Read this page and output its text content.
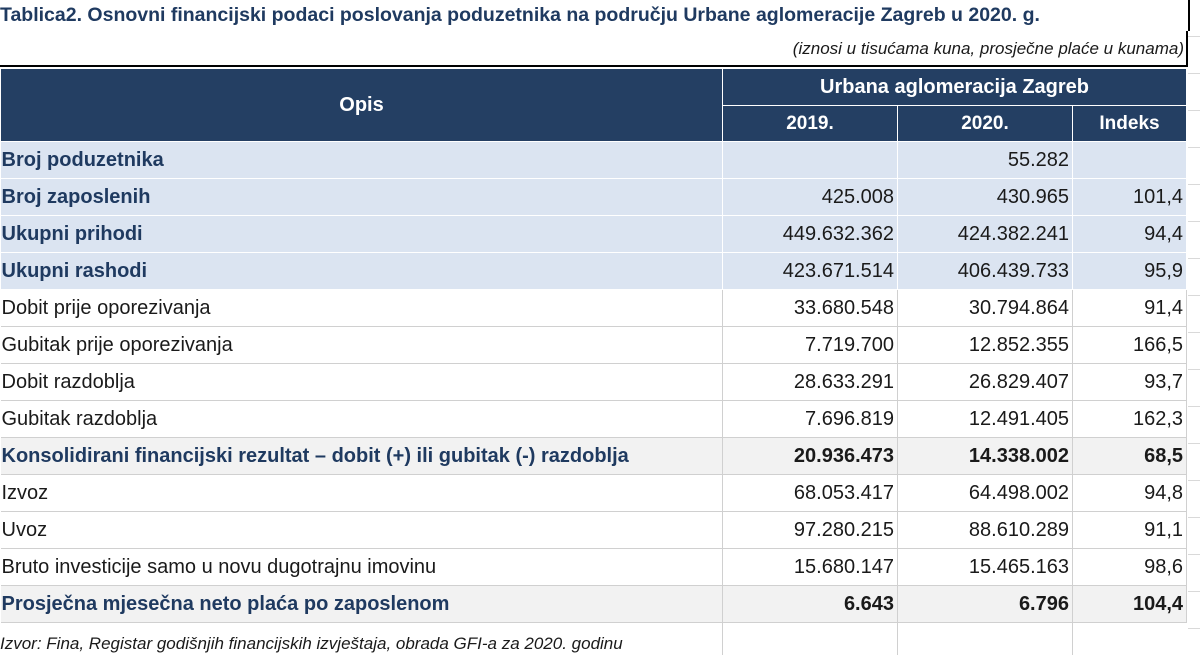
Tablica2. Osnovni financijski podaci poslovanja poduzetnika na području Urbane aglomeracije Zagreb u 2020. g.
(iznosi u tisućama kuna, prosječne plaće u kunama)
Opis	Urbana aglomeracija Zagreb		
	2019.	2020.	Indeks
Broj poduzetnika		55.282	
Broj zaposlenih	425.008	430.965	101,4
Ukupni prihodi	449.632.362	424.382.241	94,4
Ukupni rashodi	423.671.514	406.439.733	95,9
Dobit prije oporezivanja	33.680.548	30.794.864	91,4
Gubitak prije oporezivanja	7.719.700	12.852.355	166,5
Dobit razdoblja	28.633.291	26.829.407	93,7
Gubitak razdoblja	7.696.819	12.491.405	162,3
Konsolidirani financijski rezultat – dobit (+) ili gubitak (-) razdoblja	20.936.473	14.338.002	68,5
Izvoz	68.053.417	64.498.002	94,8
Uvoz	97.280.215	88.610.289	91,1
Bruto investicije samo u novu dugotrajnu imovinu	15.680.147	15.465.163	98,6
Prosječna mjesečna neto plaća po zaposlenom	6.643	6.796	104,4
Izvor: Fina, Registar godišnjih financijskih izvještaja, obrada GFI-a za 2020. godinu
